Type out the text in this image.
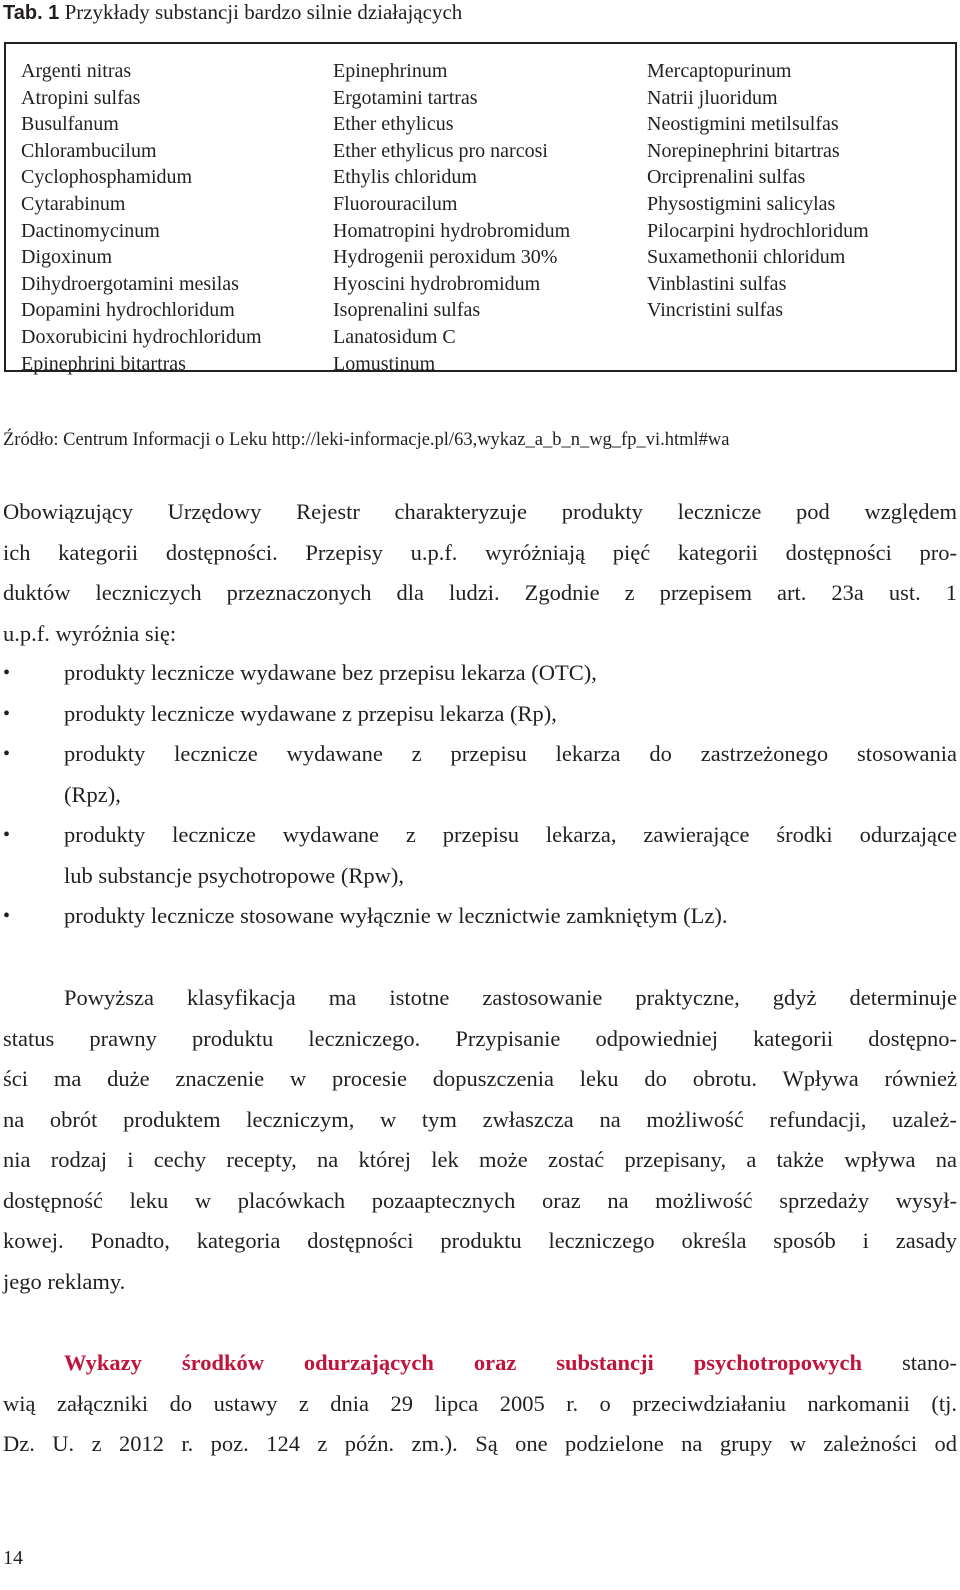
Tab. 1 Przykłady substancji bardzo silnie działających
Argenti nitras
Atropini sulfas
Busulfanum
Chlorambucilum
Cyclophosphamidum
Cytarabinum
Dactinomycinum
Digoxinum
Dihydroergotamini mesilas
Dopamini hydrochloridum
Doxorubicini hydrochloridum
Epinephrini bitartras
Epinephrinum
Ergotamini tartras
Ether ethylicus
Ether ethylicus pro narcosi
Ethylis chloridum
Fluorouracilum
Homatropini hydrobromidum
Hydrogenii peroxidum 30%
Hyoscini hydrobromidum
Isoprenalini sulfas
Lanatosidum C
Lomustinum
Mercaptopurinum
Natrii jluoridum
Neostigmini metilsulfas
Norepinephrini bitartras
Orciprenalini sulfas
Physostigmini salicylas
Pilocarpini hydrochloridum
Suxamethonii chloridum
Vinblastini sulfas
Vincristini sulfas
Źródło: Centrum Informacji o Leku http://leki-informacje.pl/63,wykaz_a_b_n_wg_fp_vi.html#wa
Obowiązujący Urzędowy Rejestr charakteryzuje produkty lecznicze pod względem
ich kategorii dostępności. Przepisy u.p.f. wyróżniają pięć kategorii dostępności pro-
duktów leczniczych przeznaczonych dla ludzi. Zgodnie z przepisem art. 23a ust. 1
u.p.f. wyróżnia się:
• produkty lecznicze wydawane bez przepisu lekarza (OTC),
• produkty lecznicze wydawane z przepisu lekarza (Rp),
• produkty lecznicze wydawane z przepisu lekarza do zastrzeżonego stosowania
(Rpz),
• produkty lecznicze wydawane z przepisu lekarza, zawierające środki odurzające
lub substancje psychotropowe (Rpw),
• produkty lecznicze stosowane wyłącznie w lecznictwie zamkniętym (Lz).
Powyższa klasyfikacja ma istotne zastosowanie praktyczne, gdyż determinuje
status prawny produktu leczniczego. Przypisanie odpowiedniej kategorii dostępno-
ści ma duże znaczenie w procesie dopuszczenia leku do obrotu. Wpływa również
na obrót produktem leczniczym, w tym zwłaszcza na możliwość refundacji, uzależ-
nia rodzaj i cechy recepty, na której lek może zostać przepisany, a także wpływa na
dostępność leku w placówkach pozaaptecznych oraz na możliwość sprzedaży wysył-
kowej. Ponadto, kategoria dostępności produktu leczniczego określa sposób i zasady
jego reklamy.
Wykazy środków odurzających oraz substancji psychotropowych stano-
wią załączniki do ustawy z dnia 29 lipca 2005 r. o przeciwdziałaniu narkomanii (tj.
Dz. U. z 2012 r. poz. 124 z późn. zm.). Są one podzielone na grupy w zależności od
14
